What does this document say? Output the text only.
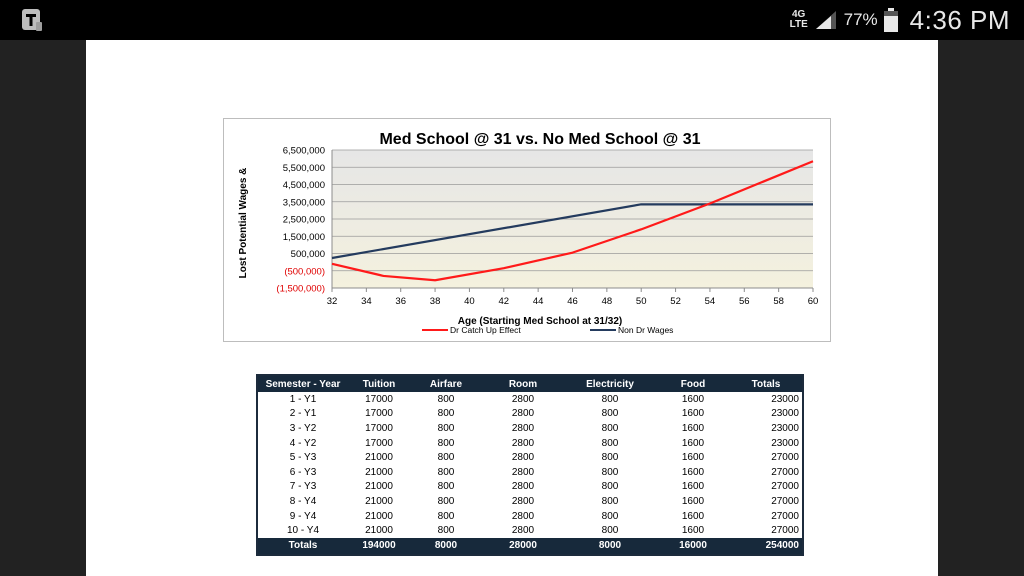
4G LTE 77% 4:36 PM
6,500,000
5,500,000
4,500,000
3,500,000
2,500,000
1,500,000
500,000
(500,000)
(1,500,000)
32	34	36	38	40	42	44	46	48	50	52	54	56	58	60
Med School @ 31 vs. No Med School @ 31
Age (Starting Med School at 31/32)
Lost Potential Wages &
Dr Catch Up Effect	Non Dr Wages
Semester - Year	Tuition	Airfare	Room	Electricity	Food	Totals
1 - Y1	17000	800	2800	800	1600	23000
2 - Y1	17000	800	2800	800	1600	23000
3 - Y2	17000	800	2800	800	1600	23000
4 - Y2	17000	800	2800	800	1600	23000
5 - Y3	21000	800	2800	800	1600	27000
6 - Y3	21000	800	2800	800	1600	27000
7 - Y3	21000	800	2800	800	1600	27000
8 - Y4	21000	800	2800	800	1600	27000
9 - Y4	21000	800	2800	800	1600	27000
10 - Y4	21000	800	2800	800	1600	27000
Totals	194000	8000	28000	8000	16000	254000
